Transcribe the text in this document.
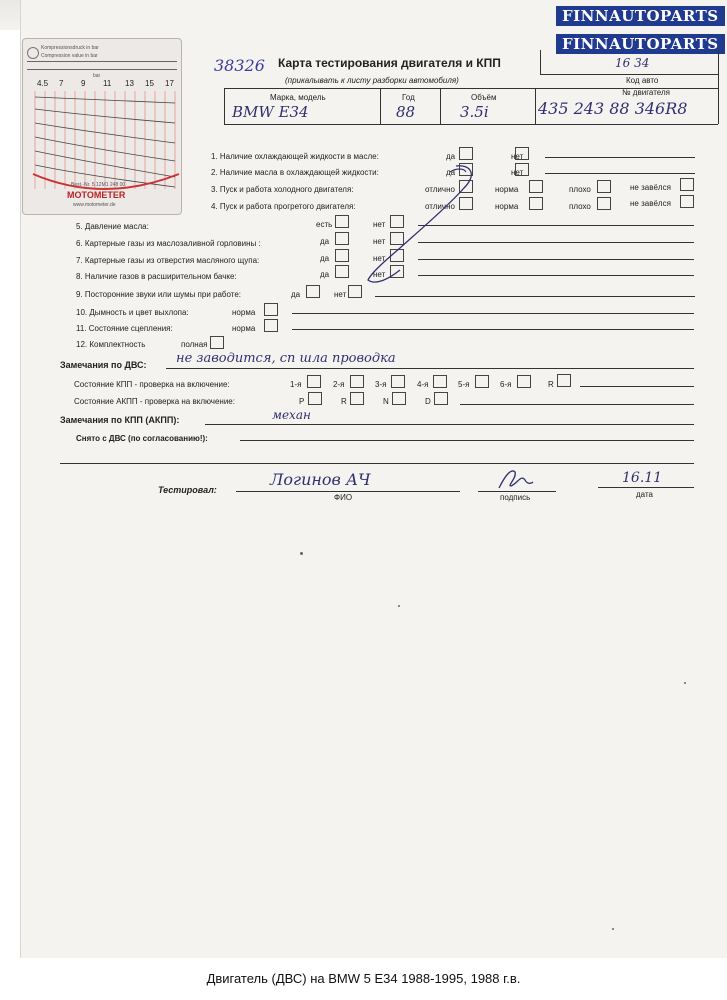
FINNAUTOPARTS
FINNAUTOPARTS
Kompressionsdruck in bar
Compression value in bar
bar
4.5 7 9 11 13 15 17
Best.-Nr. 5 12M1 248 00
MOTOMETER
www.motometer.de
38326 Карта тестирования двигателя и КПП
(прикалывать к листу разборки автомобиля)
16 34
Код авто
Марка, модель	Год	Объём
№ двигателя
BMW E34	88	3.5i	435 243 88 346R8
1. Наличие охлаждающей жидкости в масле:	да	нет
2. Наличие масла в охлаждающей жидкости:	да	нет
3. Пуск и работа холодного двигателя:	отлично	норма	плохо	не завёлся
4. Пуск и работа прогретого двигателя:	отлично	норма	плохо	не завёлся
5. Давление масла:	есть	нет
6. Картерные газы из маслозаливной горловины :	да	нет
7. Картерные газы из отверстия масляного щупа:	да	нет
8. Наличие газов в расширительном бачке:	да	нет
9. Посторонние звуки или шумы при работе:	да	нет
10. Дымность и цвет выхлопа:	норма
11. Состояние сцепления:	норма
12. Комплектность	полная
Замечания по ДВС: не заводится, сп шла проводка
Состояние КПП - проверка на включение:	1-я	2-я	3-я	4-я	5-я	6-я	R
Состояние АКПП - проверка на включение:	P	R	N	D
Замечания по КПП (АКПП):	механ
Снято с ДВС (по согласованию!):
Тестировал:
Логинов АЧ
ФИО	подпись
16.11
дата
Двигатель (ДВС) на BMW 5 E34 1988-1995, 1988 г.в.
